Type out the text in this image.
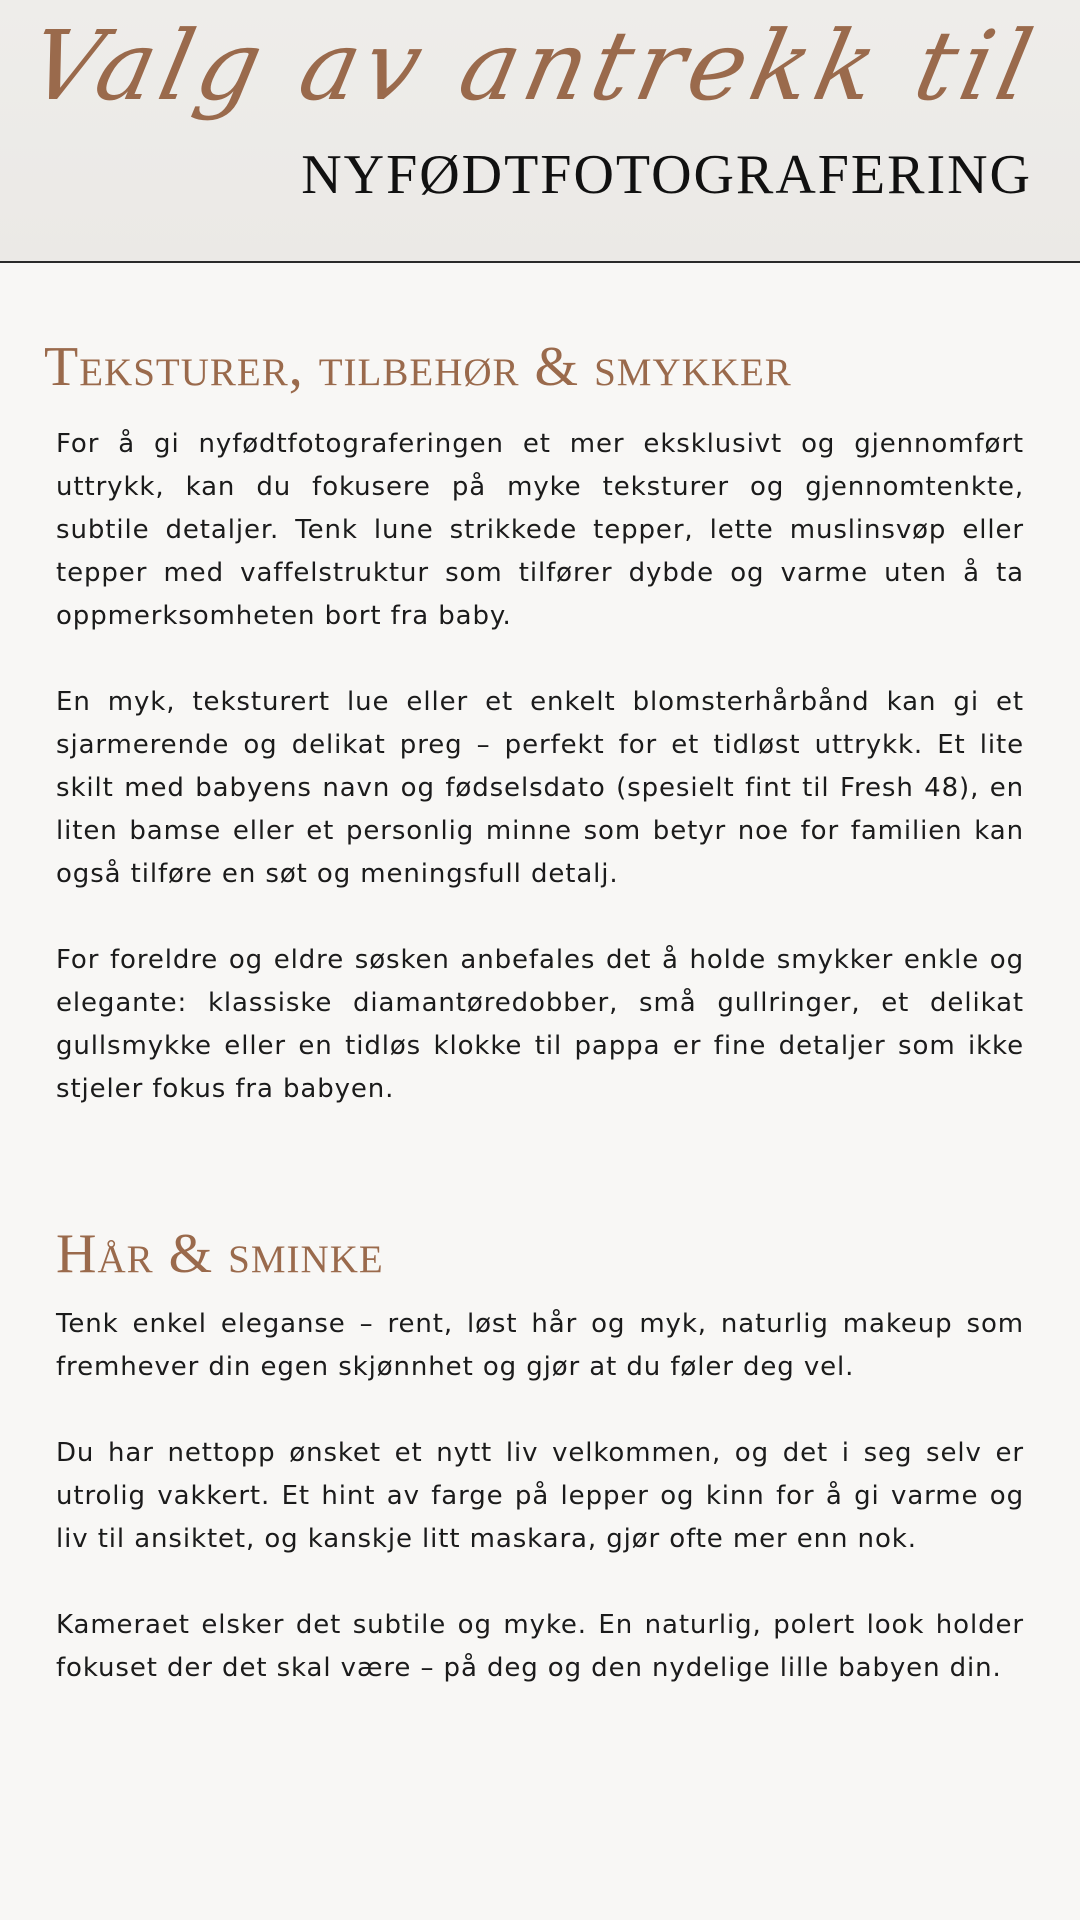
Valg av antrekk til
NYFØDTFOTOGRAFERING
Teksturer, tilbehør & smykker

For å gi nyfødtfotograferingen et mer eksklusivt og gjennomført uttrykk, kan du fokusere på myke teksturer og gjennomtenkte, subtile detaljer. Tenk lune strikkede tepper, lette muslinsvøp eller tepper med vaffelstruktur som tilfører dybde og varme uten å ta oppmerksomheten bort fra baby.

En myk, teksturert lue eller et enkelt blomsterhårbånd kan gi et sjarmerende og delikat preg – perfekt for et tidløst uttrykk. Et lite skilt med babyens navn og fødselsdato (spesielt fint til Fresh 48), en liten bamse eller et personlig minne som betyr noe for familien kan også tilføre en søt og meningsfull detalj.

For foreldre og eldre søsken anbefales det å holde smykker enkle og elegante: klassiske diamantøredobber, små gullringer, et delikat gullsmykke eller en tidløs klokke til pappa er fine detaljer som ikke stjeler fokus fra babyen.

Hår & sminke

Tenk enkel eleganse – rent, løst hår og myk, naturlig makeup som fremhever din egen skjønnhet og gjør at du føler deg vel.

Du har nettopp ønsket et nytt liv velkommen, og det i seg selv er utrolig vakkert. Et hint av farge på lepper og kinn for å gi varme og liv til ansiktet, og kanskje litt maskara, gjør ofte mer enn nok.

Kameraet elsker det subtile og myke. En naturlig, polert look holder fokuset der det skal være – på deg og den nydelige lille babyen din.
